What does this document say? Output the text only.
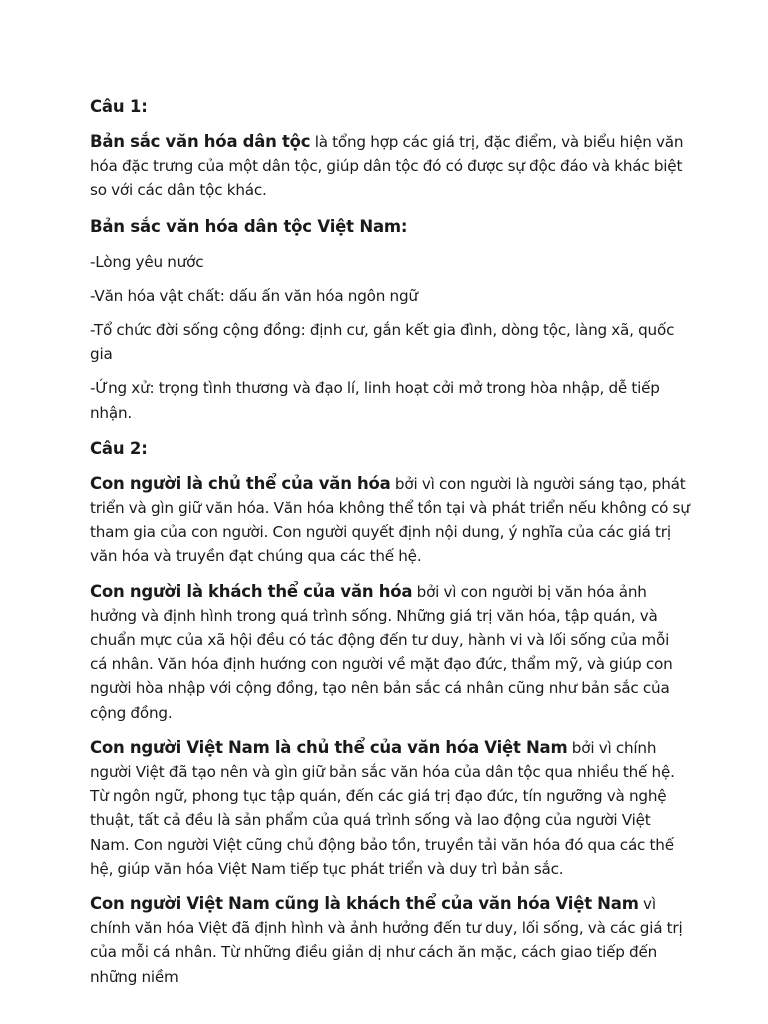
Câu 1:

Bản sắc văn hóa dân tộc là tổng hợp các giá trị, đặc điểm, và biểu hiện văn hóa đặc trưng của một dân tộc, giúp dân tộc đó có được sự độc đáo và khác biệt so với các dân tộc khác.

Bản sắc văn hóa dân tộc Việt Nam:

-Lòng yêu nước

-Văn hóa vật chất: dấu ấn văn hóa ngôn ngữ

-Tổ chức đời sống cộng đồng: định cư, gắn kết gia đình, dòng tộc, làng xã, quốc gia

-Ứng xử: trọng tình thương và đạo lí, linh hoạt cởi mở trong hòa nhập, dễ tiếp nhận.

Câu 2:

Con người là chủ thể của văn hóa bởi vì con người là người sáng tạo, phát triển và gìn giữ văn hóa. Văn hóa không thể tồn tại và phát triển nếu không có sự tham gia của con người. Con người quyết định nội dung, ý nghĩa của các giá trị văn hóa và truyền đạt chúng qua các thế hệ.

Con người là khách thể của văn hóa bởi vì con người bị văn hóa ảnh hưởng và định hình trong quá trình sống. Những giá trị văn hóa, tập quán, và chuẩn mực của xã hội đều có tác động đến tư duy, hành vi và lối sống của mỗi cá nhân. Văn hóa định hướng con người về mặt đạo đức, thẩm mỹ, và giúp con người hòa nhập với cộng đồng, tạo nên bản sắc cá nhân cũng như bản sắc của cộng đồng.

Con người Việt Nam là chủ thể của văn hóa Việt Nam bởi vì chính người Việt đã tạo nên và gìn giữ bản sắc văn hóa của dân tộc qua nhiều thế hệ. Từ ngôn ngữ, phong tục tập quán, đến các giá trị đạo đức, tín ngưỡng và nghệ thuật, tất cả đều là sản phẩm của quá trình sống và lao động của người Việt Nam. Con người Việt cũng chủ động bảo tồn, truyền tải văn hóa đó qua các thế hệ, giúp văn hóa Việt Nam tiếp tục phát triển và duy trì bản sắc.

Con người Việt Nam cũng là khách thể của văn hóa Việt Nam vì chính văn hóa Việt đã định hình và ảnh hưởng đến tư duy, lối sống, và các giá trị của mỗi cá nhân. Từ những điều giản dị như cách ăn mặc, cách giao tiếp đến những niềm
